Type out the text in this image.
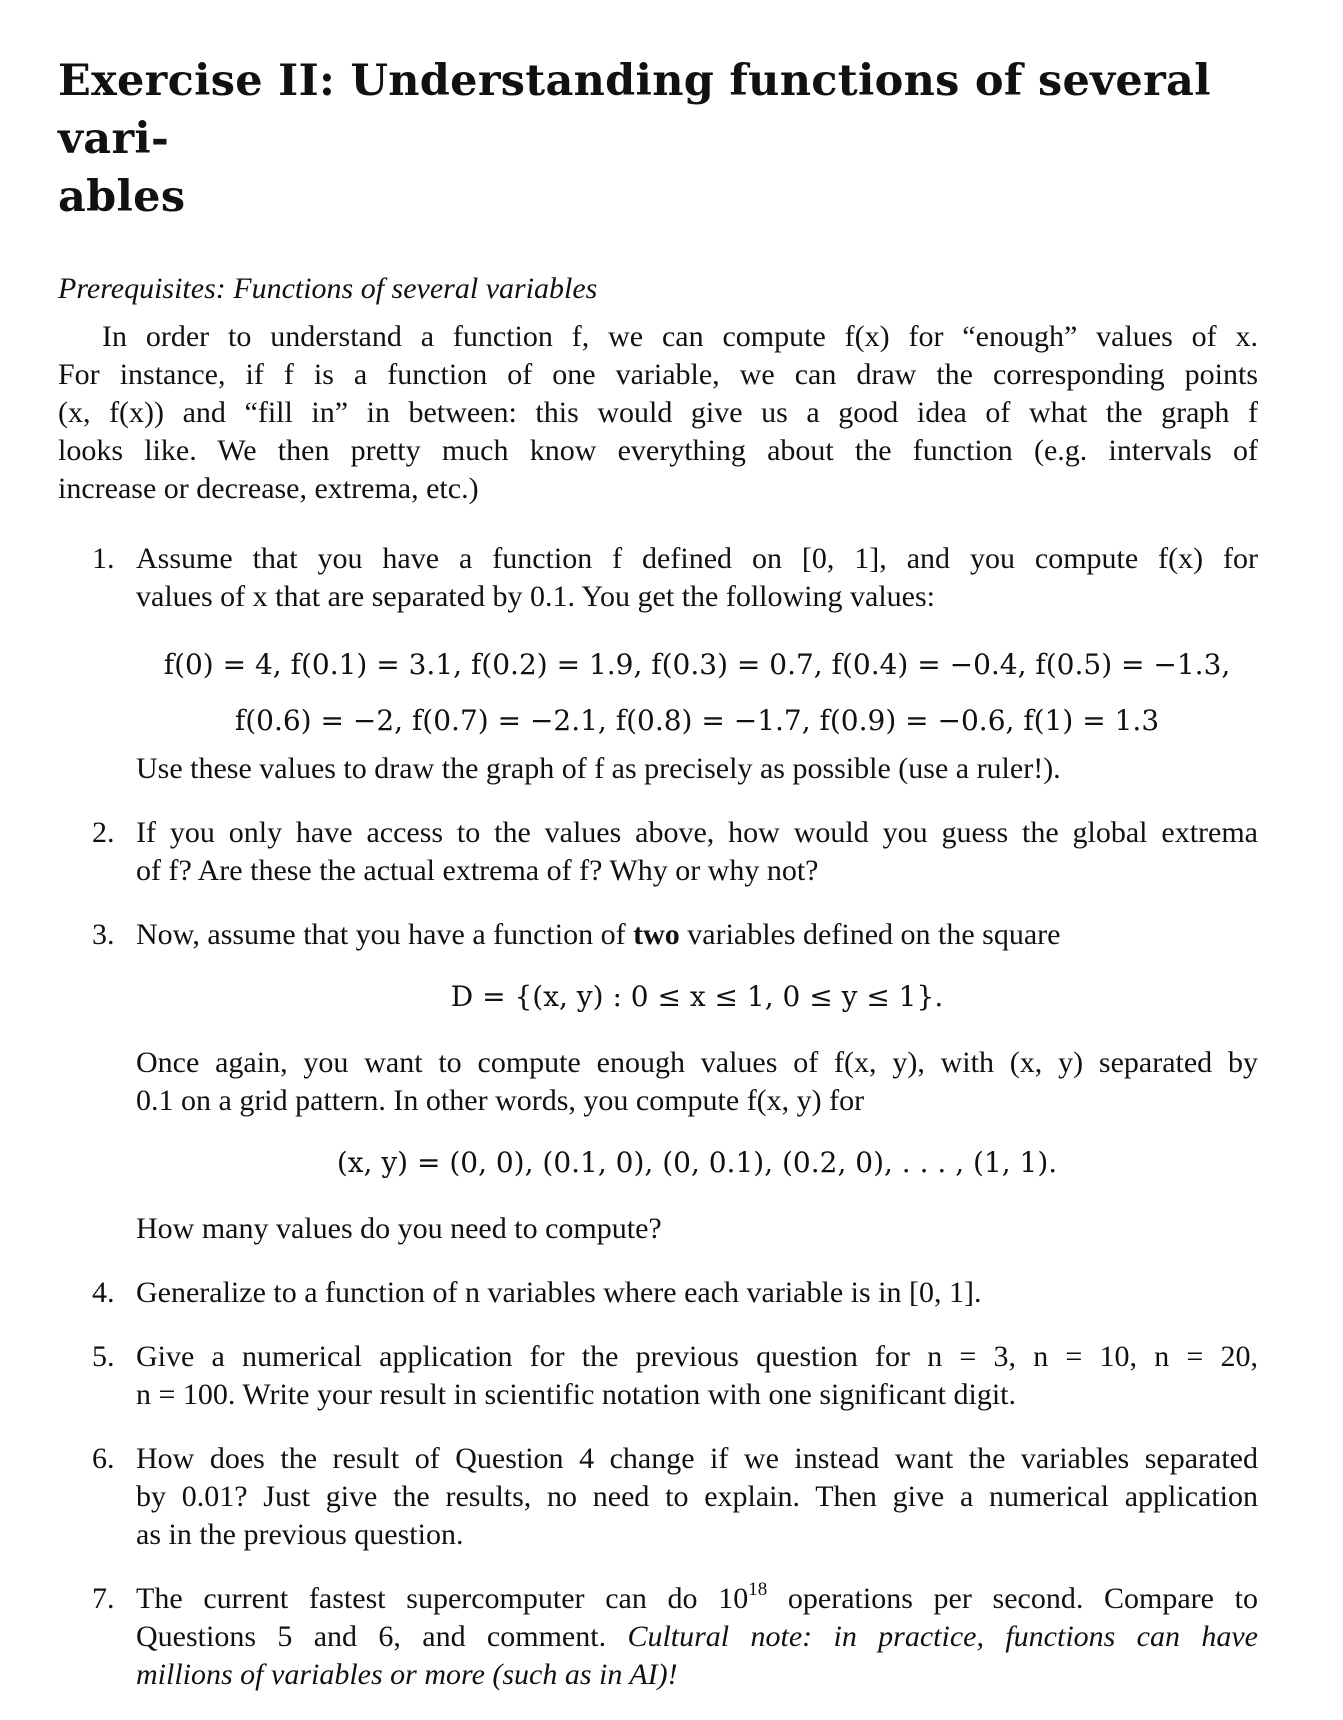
Exercise II: Understanding functions of several vari-
ables
Prerequisites: Functions of several variables
In order to understand a function f, we can compute f(x) for “enough” values of x.
For instance, if f is a function of one variable, we can draw the corresponding points
(x, f(x)) and “fill in” in between: this would give us a good idea of what the graph f
looks like. We then pretty much know everything about the function (e.g. intervals of
increase or decrease, extrema, etc.)
1. Assume that you have a function f defined on [0, 1], and you compute f(x) for
values of x that are separated by 0.1. You get the following values:
f(0) = 4, f(0.1) = 3.1, f(0.2) = 1.9, f(0.3) = 0.7, f(0.4) = −0.4, f(0.5) = −1.3,
f(0.6) = −2, f(0.7) = −2.1, f(0.8) = −1.7, f(0.9) = −0.6, f(1) = 1.3
Use these values to draw the graph of f as precisely as possible (use a ruler!).
2. If you only have access to the values above, how would you guess the global extrema
of f? Are these the actual extrema of f? Why or why not?
3. Now, assume that you have a function of two variables defined on the square
D = {(x, y) : 0 ≤ x ≤ 1, 0 ≤ y ≤ 1}.
Once again, you want to compute enough values of f(x, y), with (x, y) separated by
0.1 on a grid pattern. In other words, you compute f(x, y) for
(x, y) = (0, 0), (0.1, 0), (0, 0.1), (0.2, 0), . . . , (1, 1).
How many values do you need to compute?
4. Generalize to a function of n variables where each variable is in [0, 1].
5. Give a numerical application for the previous question for n = 3, n = 10, n = 20,
n = 100. Write your result in scientific notation with one significant digit.
6. How does the result of Question 4 change if we instead want the variables separated
by 0.01? Just give the results, no need to explain. Then give a numerical application
as in the previous question.
7. The current fastest supercomputer can do $10^{18}$ operations per second. Compare to
Questions 5 and 6, and comment. Cultural note: in practice, functions can have
millions of variables or more (such as in AI)!
